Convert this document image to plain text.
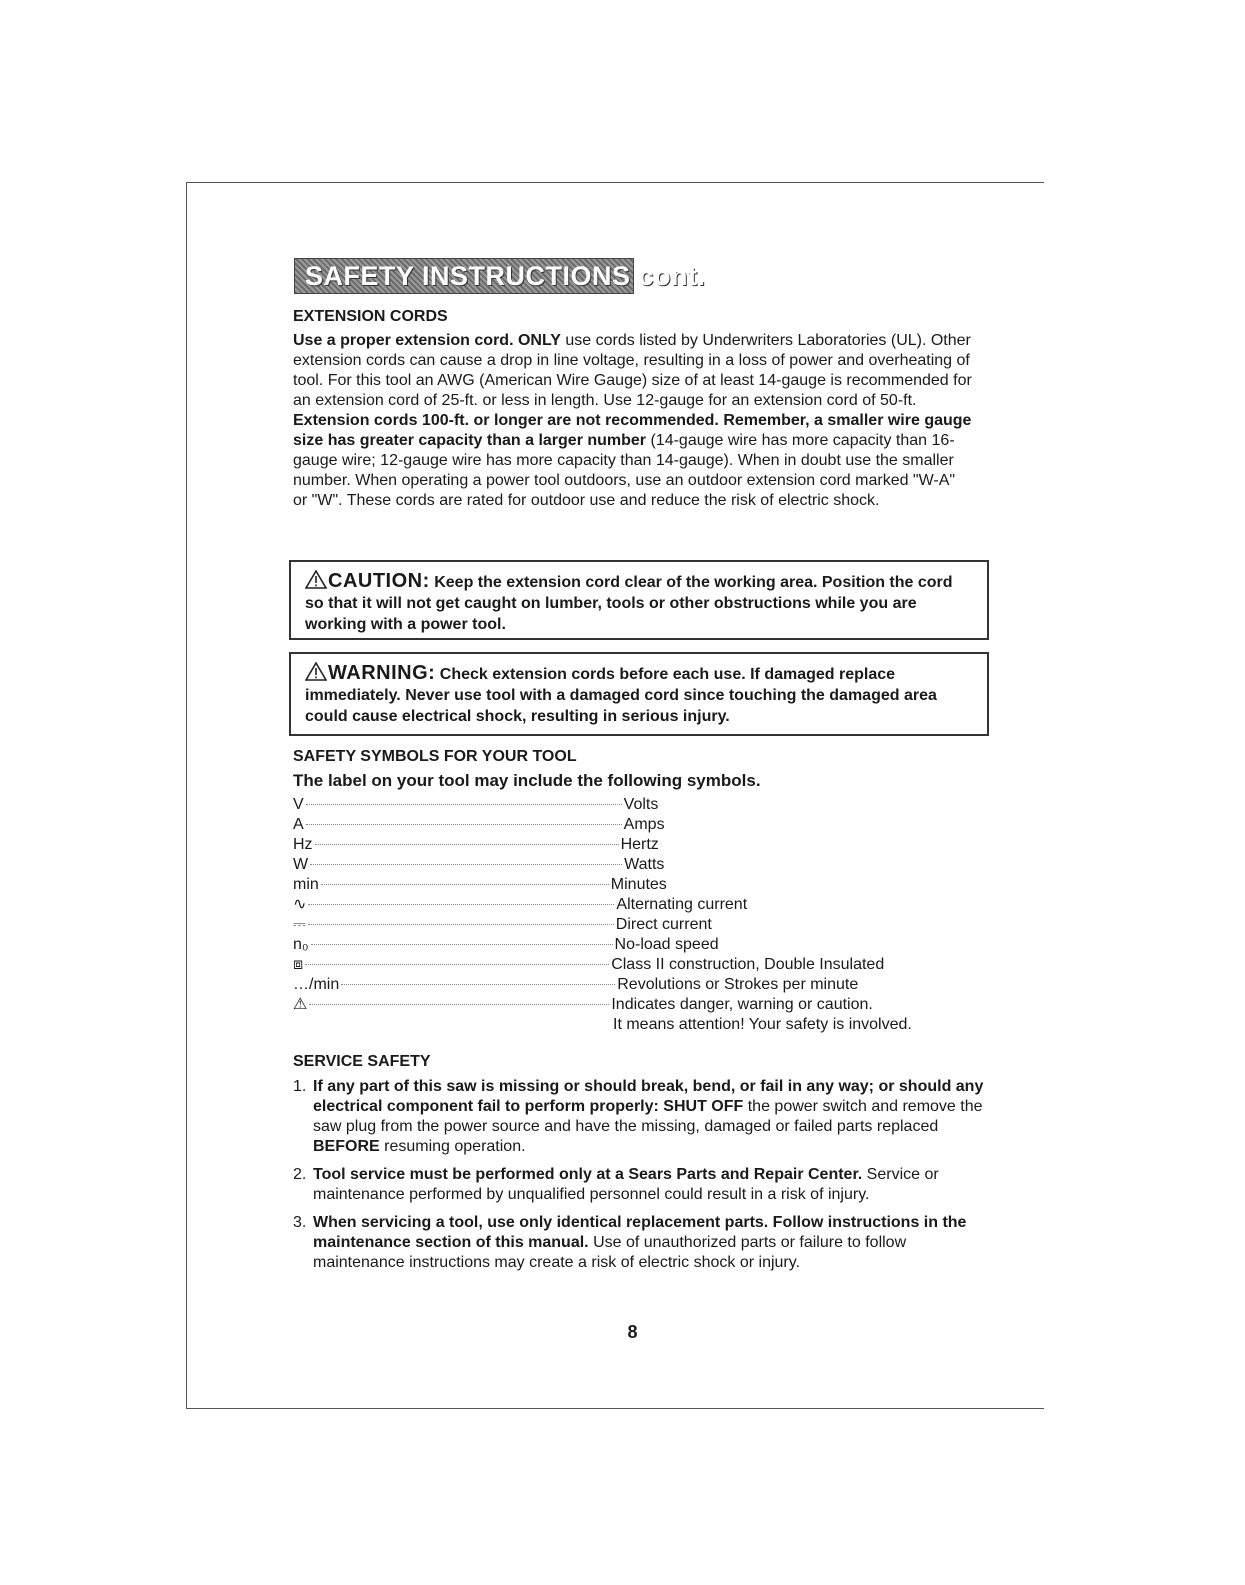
SAFETY INSTRUCTIONS cont.
EXTENSION CORDS

Use a proper extension cord. ONLY use cords listed by Underwriters Laboratories (UL). Other extension cords can cause a drop in line voltage, resulting in a loss of power and overheating of tool. For this tool an AWG (American Wire Gauge) size of at least 14-gauge is recommended for an extension cord of 25-ft. or less in length. Use 12-gauge for an extension cord of 50-ft. Extension cords 100-ft. or longer are not recommended. Remember, a smaller wire gauge size has greater capacity than a larger number (14-gauge wire has more capacity than 16-gauge wire; 12-gauge wire has more capacity than 14-gauge). When in doubt use the smaller number. When operating a power tool outdoors, use an outdoor extension cord marked "W-A" or "W". These cords are rated for outdoor use and reduce the risk of electric shock.

CAUTION: Keep the extension cord clear of the working area. Position the cord so that it will not get caught on lumber, tools or other obstructions while you are working with a power tool.

WARNING: Check extension cords before each use. If damaged replace immediately. Never use tool with a damaged cord since touching the damaged area could cause electrical shock, resulting in serious injury.

SAFETY SYMBOLS FOR YOUR TOOL
The label on your tool may include the following symbols.
V	Volts
A	Amps
Hz	Hertz
W	Watts
min	Minutes
∿	Alternating current
⎓	Direct current
n₀	No-load speed
⧈	Class II construction, Double Insulated
…/min	Revolutions or Strokes per minute
⚠	Indicates danger, warning or caution.
It means attention! Your safety is involved.
SERVICE SAFETY
1. If any part of this saw is missing or should break, bend, or fail in any way; or should any electrical component fail to perform properly: SHUT OFF the power switch and remove the saw plug from the power source and have the missing, damaged or failed parts replaced BEFORE resuming operation.
2. Tool service must be performed only at a Sears Parts and Repair Center. Service or maintenance performed by unqualified personnel could result in a risk of injury.
3. When servicing a tool, use only identical replacement parts. Follow instructions in the maintenance section of this manual. Use of unauthorized parts or failure to follow maintenance instructions may create a risk of electric shock or injury.
8
